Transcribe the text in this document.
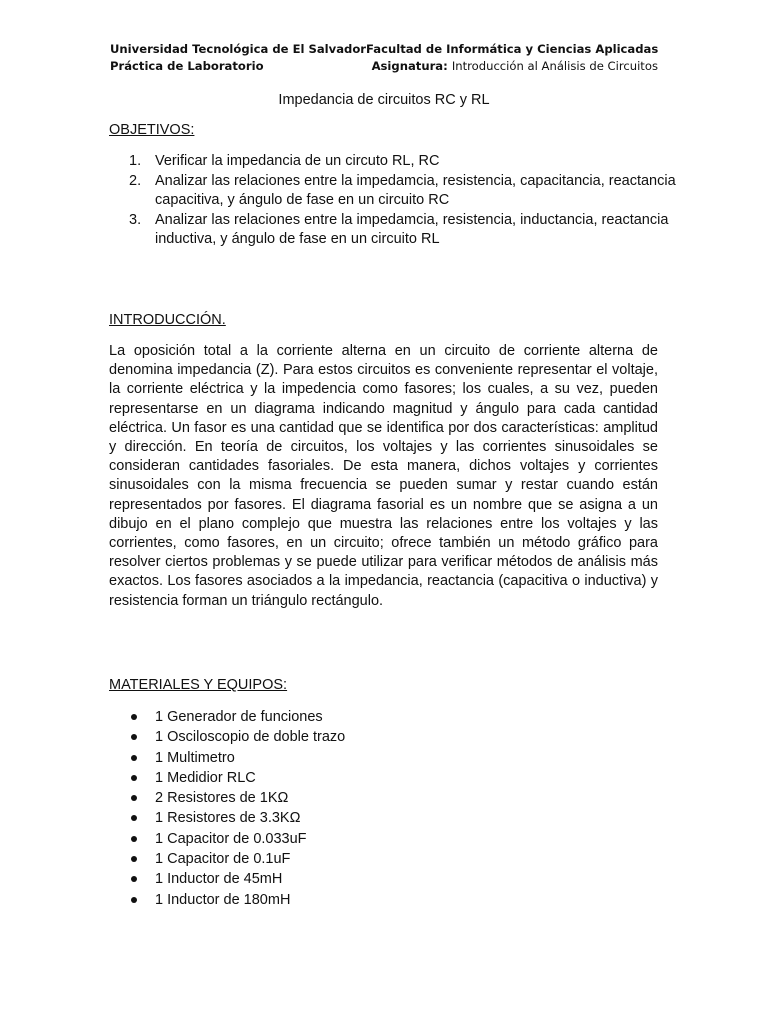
Universidad Tecnológica de El Salvador Facultad de Informática y Ciencias Aplicadas
Práctica de Laboratorio	Asignatura: Introducción al Análisis de Circuitos
Impedancia de circuitos RC y RL
OBJETIVOS:
Verificar la impedancia de un circuto RL, RC
Analizar las relaciones entre la impedamcia, resistencia, capacitancia, reactancia capacitiva, y ángulo de fase en un circuito RC
Analizar las relaciones entre la impedamcia, resistencia, inductancia, reactancia inductiva, y ángulo de fase en un circuito RL
INTRODUCCIÓN.

La oposición total a la corriente alterna en un circuito de corriente alterna de denomina impedancia (Z). Para estos circuitos es conveniente representar el voltaje, la corriente eléctrica y la impedencia como fasores; los cuales, a su vez, pueden representarse en un diagrama indicando magnitud y ángulo para cada cantidad eléctrica. Un fasor es una cantidad que se identifica por dos características: amplitud y dirección. En teoría de circuitos, los voltajes y las corrientes sinusoidales se consideran cantidades fasoriales. De esta manera, dichos voltajes y corrientes sinusoidales con la misma frecuencia se pueden sumar y restar cuando están representados por fasores. El diagrama fasorial es un nombre que se asigna a un dibujo en el plano complejo que muestra las relaciones entre los voltajes y las corrientes, como fasores, en un circuito; ofrece también un método gráfico para resolver ciertos problemas y se puede utilizar para verificar métodos de análisis más exactos. Los fasores asociados a la impedancia, reactancia (capacitiva o inductiva) y resistencia forman un triángulo rectángulo.

MATERIALES Y EQUIPOS:
1 Generador de funciones
1 Osciloscopio de doble trazo
1 Multimetro
1 Medidior RLC
2 Resistores de 1KΩ
1 Resistores de 3.3KΩ
1 Capacitor de 0.033uF
1 Capacitor de 0.1uF
1 Inductor de 45mH
1 Inductor de 180mH
